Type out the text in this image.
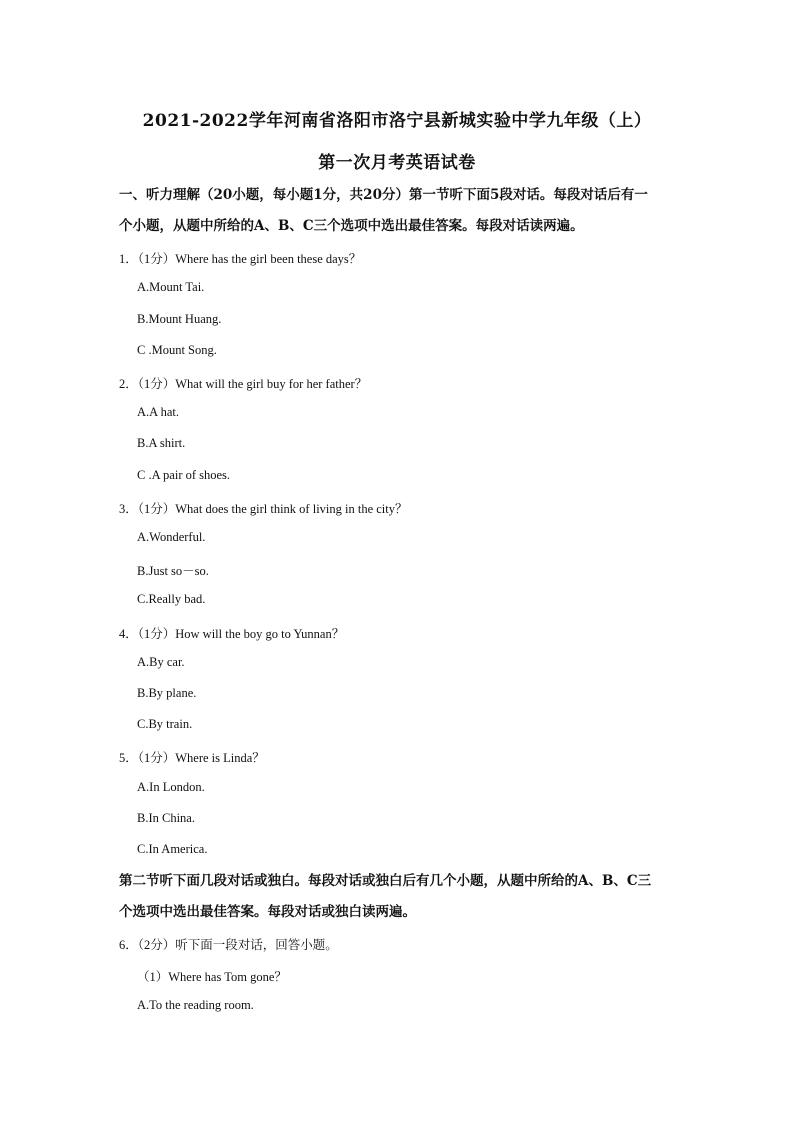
2021-2022学年河南省洛阳市洛宁县新城实验中学九年级（上）
第一次月考英语试卷
一、听力理解（20小题，每小题1分，共20分）第一节听下面5段对话。每段对话后有一
个小题，从题中所给的A、B、C三个选项中选出最佳答案。每段对话读两遍。
1．（1分）Where has the girl been these days？
A.Mount Tai.
B.Mount Huang.
C .Mount Song.
2．（1分）What will the girl buy for her father？
A.A hat.
B.A shirt.
C .A pair of shoes.
3．（1分）What does the girl think of living in the city？
A.Wonderful.
B.Just so－so.
C.Really bad.
4．（1分）How will the boy go to Yunnan？
A.By car.
B.By plane.
C.By train.
5．（1分）Where is Linda？
A.In London.
B.In China.
C.In America.
第二节听下面几段对话或独白。每段对话或独白后有几个小题，从题中所给的A、B、C三
个选项中选出最佳答案。每段对话或独白读两遍。
6．（2分）听下面一段对话，回答小题。
（1）Where has Tom gone？
A.To the reading room.
